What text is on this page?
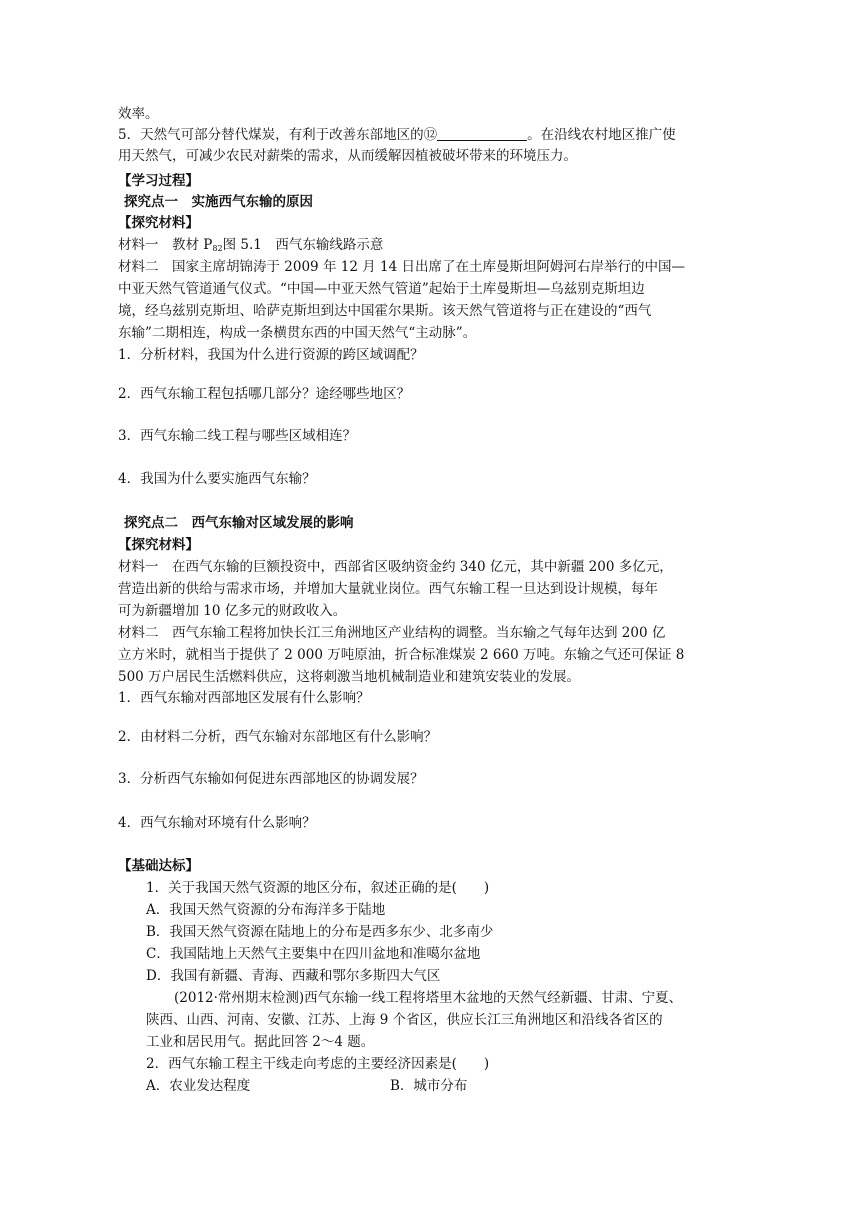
效率。
5．天然气可部分替代煤炭，有利于改善东部地区的⑫	。在沿线农村地区推广使
用天然气，可减少农民对薪柴的需求，从而缓解因植被破坏带来的环境压力。
【学习过程】
探究点一　实施西气东输的原因
【探究材料】
材料一　教材 $P_{82}$图 5.1　西气东输线路示意
材料二　国家主席胡锦涛于 2009 年 12 月 14 日出席了在土库曼斯坦阿姆河右岸举行的中国—
中亚天然气管道通气仪式。“中国—中亚天然气管道”起始于土库曼斯坦—乌兹别克斯坦边
境，经乌兹别克斯坦、哈萨克斯坦到达中国霍尔果斯。该天然气管道将与正在建设的“西气
东输”二期相连，构成一条横贯东西的中国天然气“主动脉”。
1．分析材料，我国为什么进行资源的跨区域调配？
2．西气东输工程包括哪几部分？途经哪些地区？
3．西气东输二线工程与哪些区域相连？
4．我国为什么要实施西气东输？
探究点二　西气东输对区域发展的影响
【探究材料】
材料一　在西气东输的巨额投资中，西部省区吸纳资金约 340 亿元，其中新疆 200 多亿元，
营造出新的供给与需求市场，并增加大量就业岗位。西气东输工程一旦达到设计规模，每年
可为新疆增加 10 亿多元的财政收入。
材料二　西气东输工程将加快长江三角洲地区产业结构的调整。当东输之气每年达到 200 亿
立方米时，就相当于提供了 2 000 万吨原油，折合标准煤炭 2 660 万吨。东输之气还可保证 8
500 万户居民生活燃料供应，这将刺激当地机械制造业和建筑安装业的发展。
1．西气东输对西部地区发展有什么影响？
2．由材料二分析，西气东输对东部地区有什么影响？
3．分析西气东输如何促进东西部地区的协调发展？
4．西气东输对环境有什么影响？
【基础达标】
1．关于我国天然气资源的地区分布，叙述正确的是(　　)
A．我国天然气资源的分布海洋多于陆地
B．我国天然气资源在陆地上的分布是西多东少、北多南少
C．我国陆地上天然气主要集中在四川盆地和准噶尔盆地
D．我国有新疆、青海、西藏和鄂尔多斯四大气区
(2012·常州期末检测)西气东输一线工程将塔里木盆地的天然气经新疆、甘肃、宁夏、
陕西、山西、河南、安徽、江苏、上海 9 个省区，供应长江三角洲地区和沿线各省区的
工业和居民用气。据此回答 2～4 题。
2．西气东输工程主干线走向考虑的主要经济因素是(　　)
A．农业发达程度	B．城市分布
